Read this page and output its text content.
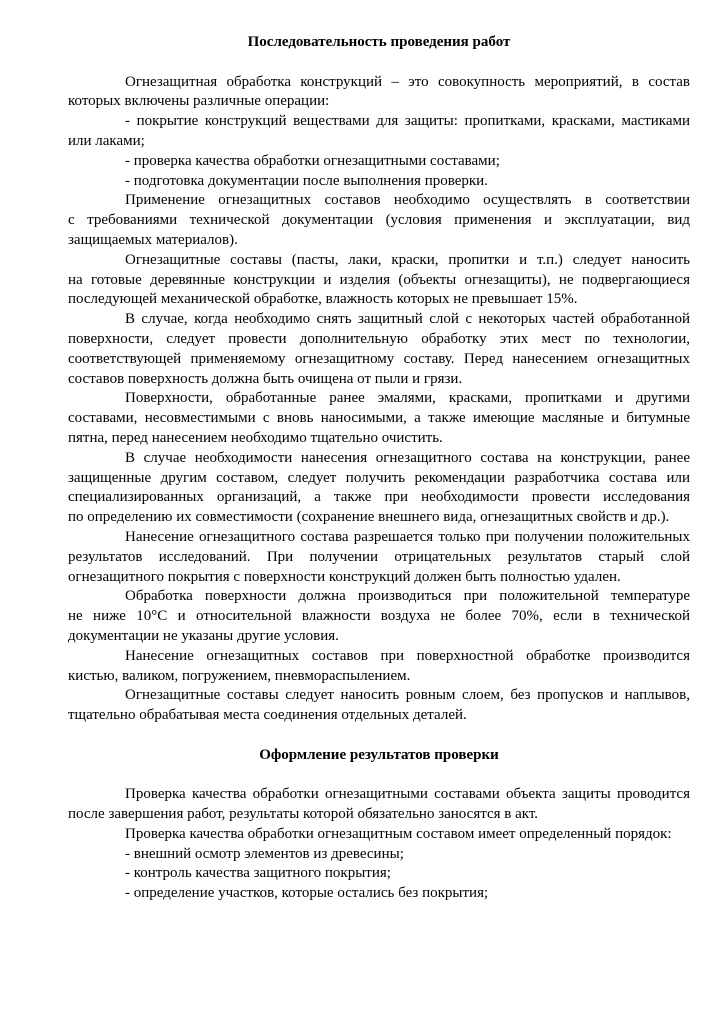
Последовательность проведения работ

Огнезащитная обработка конструкций – это совокупность мероприятий, в состав которых включены различные операции:

- покрытие конструкций веществами для защиты: пропитками, красками, мастиками или лаками;

- проверка качества обработки огнезащитными составами;

- подготовка документации после выполнения проверки.

Применение огнезащитных составов необходимо осуществлять в соответствии с требованиями технической документации (условия применения и эксплуатации, вид защищаемых материалов).

Огнезащитные составы (пасты, лаки, краски, пропитки и т.п.) следует наносить на готовые деревянные конструкции и изделия (объекты огнезащиты), не подвергающиеся последующей механической обработке, влажность которых не превышает 15%.

В случае, когда необходимо снять защитный слой с некоторых частей обработанной поверхности, следует провести дополнительную обработку этих мест по технологии, соответствующей применяемому огнезащитному составу. Перед нанесением огнезащитных составов поверхность должна быть очищена от пыли и грязи.

Поверхности, обработанные ранее эмалями, красками, пропитками и другими составами, несовместимыми с вновь наносимыми, а также имеющие масляные и битумные пятна, перед нанесением необходимо тщательно очистить.

В случае необходимости нанесения огнезащитного состава на конструкции, ранее защищенные другим составом, следует получить рекомендации разработчика состава или специализированных организаций, а также при необходимости провести исследования по определению их совместимости (сохранение внешнего вида, огнезащитных свойств и др.).

Нанесение огнезащитного состава разрешается только при получении положительных результатов исследований. При получении отрицательных результатов старый слой огнезащитного покрытия с поверхности конструкций должен быть полностью удален.

Обработка поверхности должна производиться при положительной температуре не ниже 10°С и относительной влажности воздуха не более 70%, если в технической документации не указаны другие условия.

Нанесение огнезащитных составов при поверхностной обработке производится кистью, валиком, погружением, пневмораспылением.

Огнезащитные составы следует наносить ровным слоем, без пропусков и наплывов, тщательно обрабатывая места соединения отдельных деталей.

Оформление результатов проверки

Проверка качества обработки огнезащитными составами объекта защиты проводится после завершения работ, результаты которой обязательно заносятся в акт.

Проверка качества обработки огнезащитным составом имеет определенный порядок:

- внешний осмотр элементов из древесины;

- контроль качества защитного покрытия;

- определение участков, которые остались без покрытия;
